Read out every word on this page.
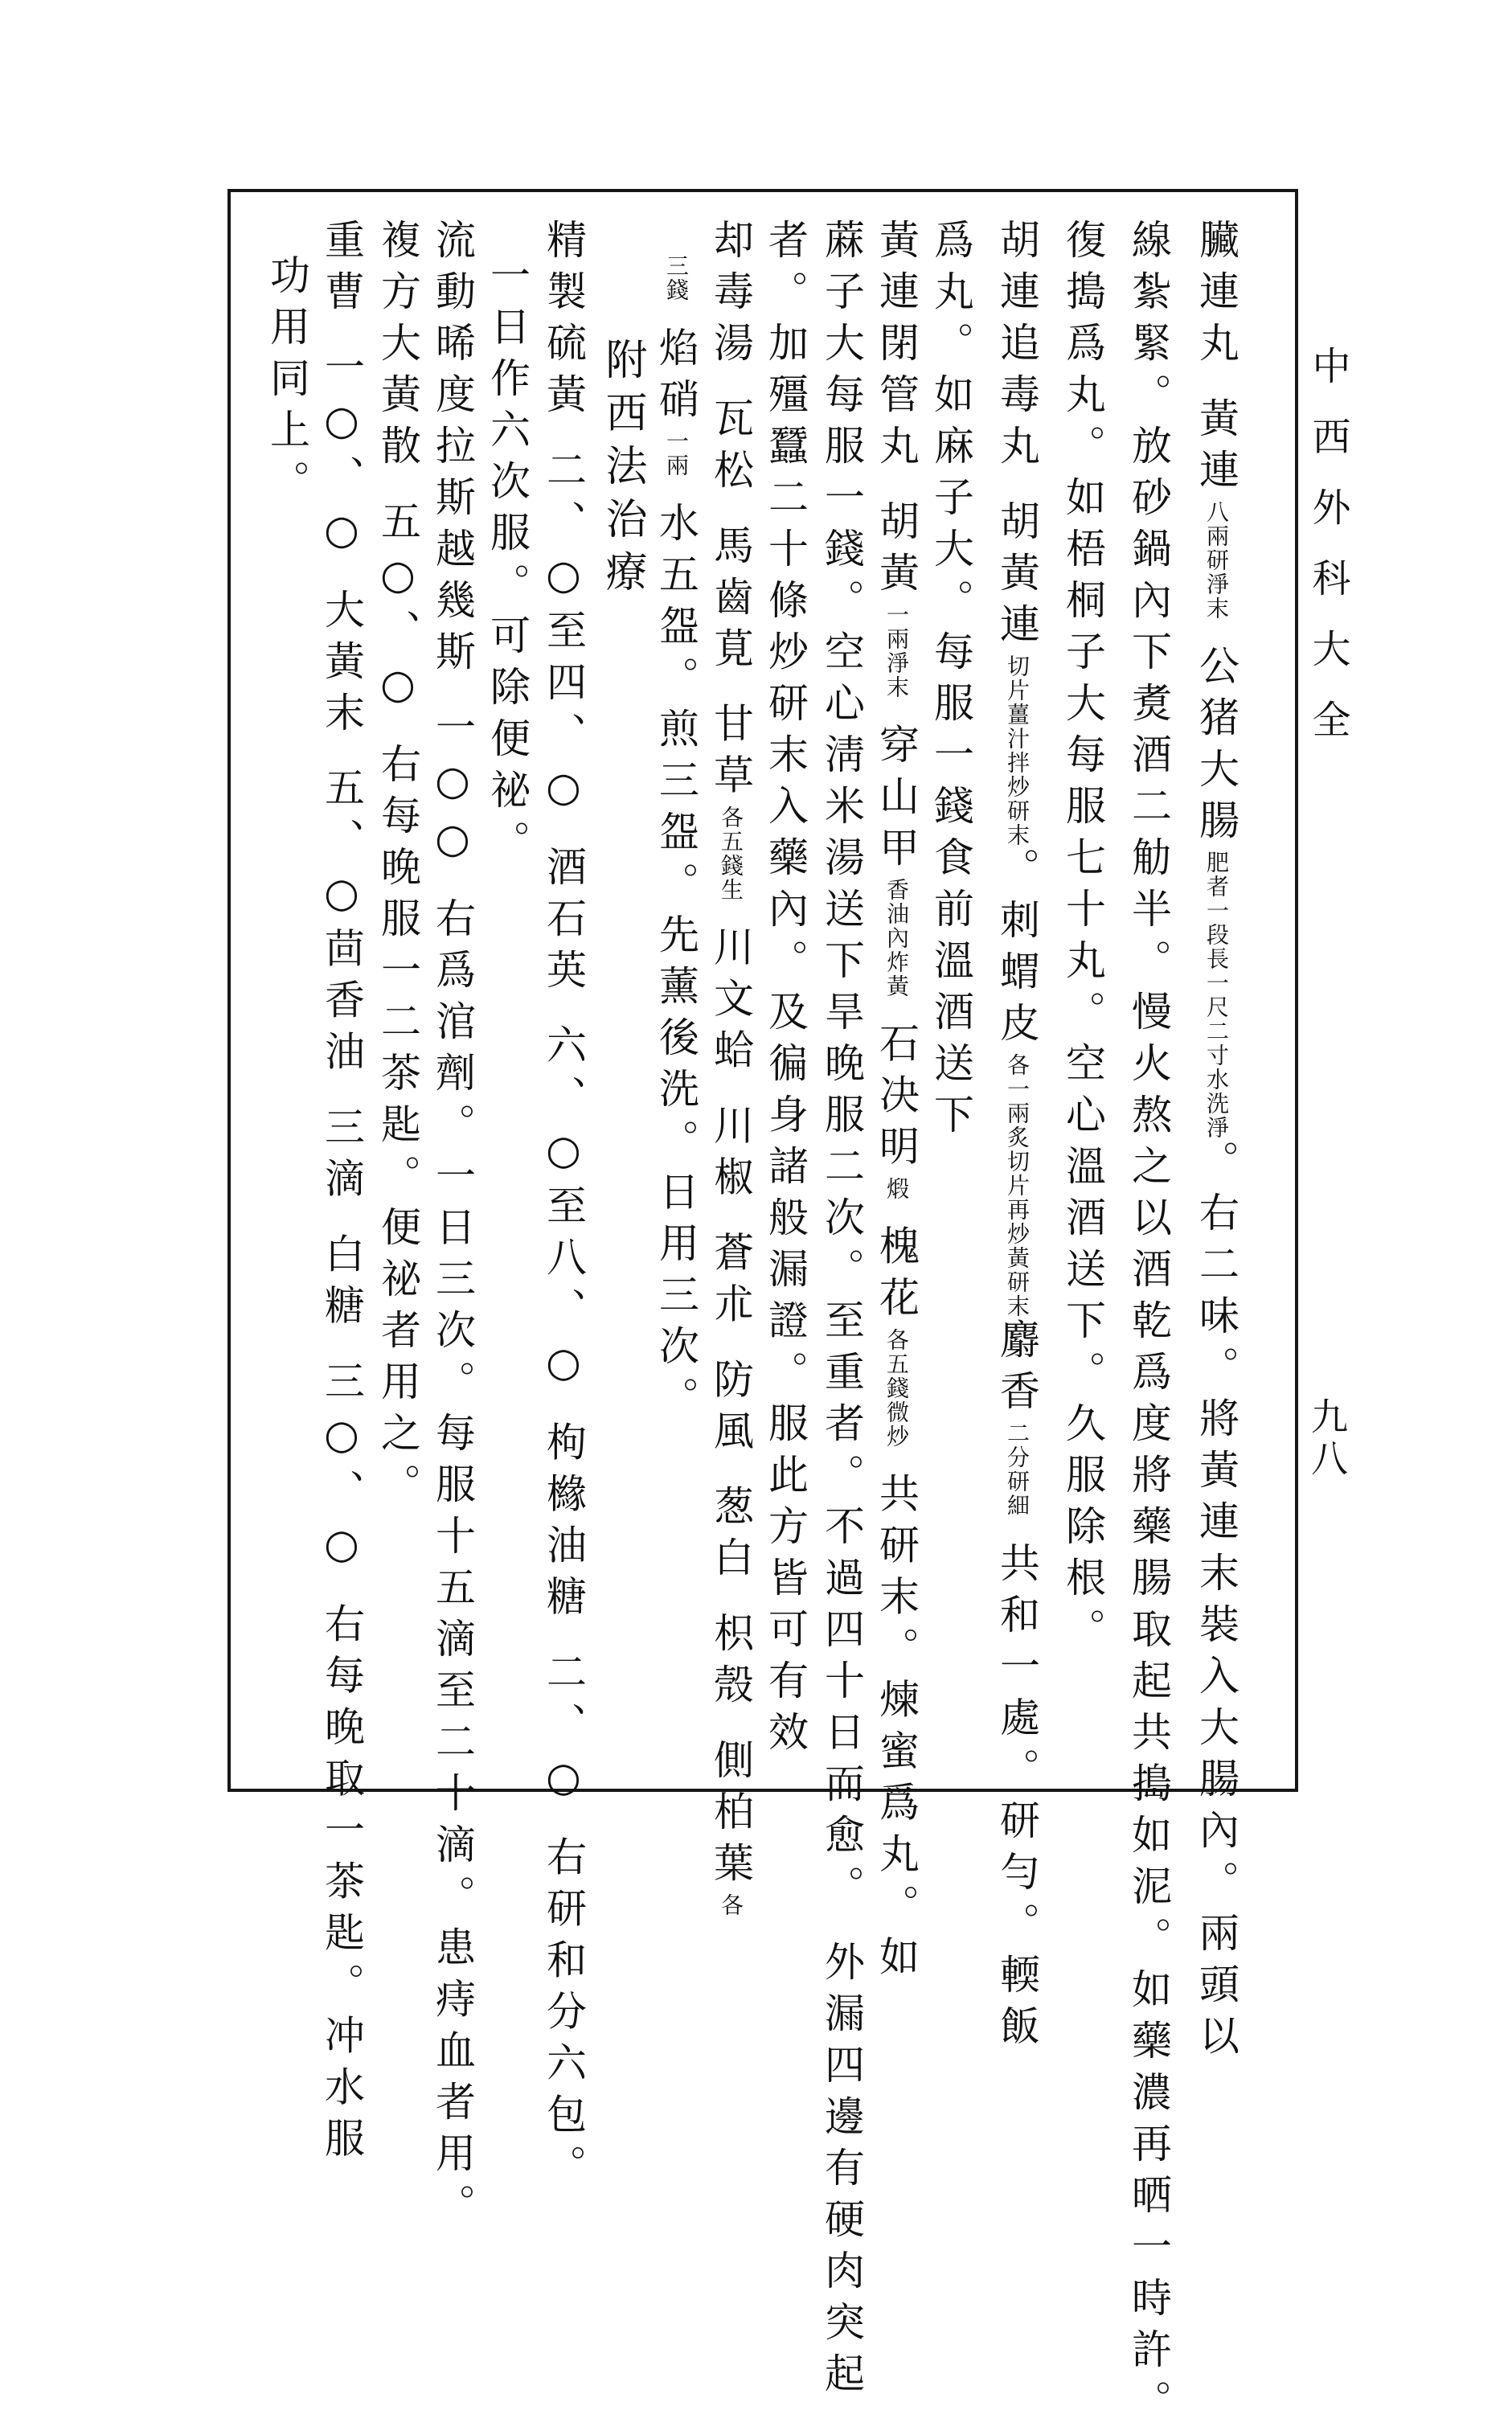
中西外科大全
九八
臟連丸 黃連八兩研淨末 公猪大腸肥者一段長一尺二寸水洗淨。右二味。將黃連末裝入大腸內。兩頭以
線紮緊。放砂鍋內下煑酒二觔半。慢火熬之以酒乾爲度將藥腸取起共搗如泥。如藥濃再晒一時許。
復搗爲丸。如梧桐子大每服七十丸。空心溫酒送下。久服除根。
胡連追毒丸 胡黃連切片薑汁拌炒研末。刺蝟皮各一兩炙切片再炒黃研末麝香二分研細 共和一處。研勻。輭飯
爲丸。如麻子大。每服一錢食前溫酒送下
黃連閉管丸 胡黃一兩淨末 穿山甲香油內炸黃 石决明煅 槐花各五錢微炒 共研末。煉蜜爲丸。如
蔴子大每服一錢。空心淸米湯送下旱晚服二次。至重者。不過四十日而愈。 外漏四邊有硬肉突起
者。加殭蠶二十條炒研末入藥內。及徧身諸般漏證。服此方皆可有效
却毒湯 瓦松 馬齒莧 甘草各五錢生 川文蛤 川椒 蒼朮 防風 葱白 枳殼 側柏葉各
三錢 焰硝一兩 水五盌。煎三盌。先薰後洗。日用三次。
附西法治療
精製硫黃 二、○至四、○ 酒石英 六、○至八、○ 枸櫞油糖 二、○ 右研和分六包。
一日作六次服。可除便祕。
流動晞度拉斯越幾斯 一○○ 右爲涫劑。一日三次。每服十五滴至二十滴。患痔血者用。
複方大黃散 五○、○ 右每晚服一二茶匙。便祕者用之。
重曹 一○、○ 大黃末 五、○茴香油 三滴 白糖 三○、○ 右每晚取一茶匙。冲水服
功用同上。
